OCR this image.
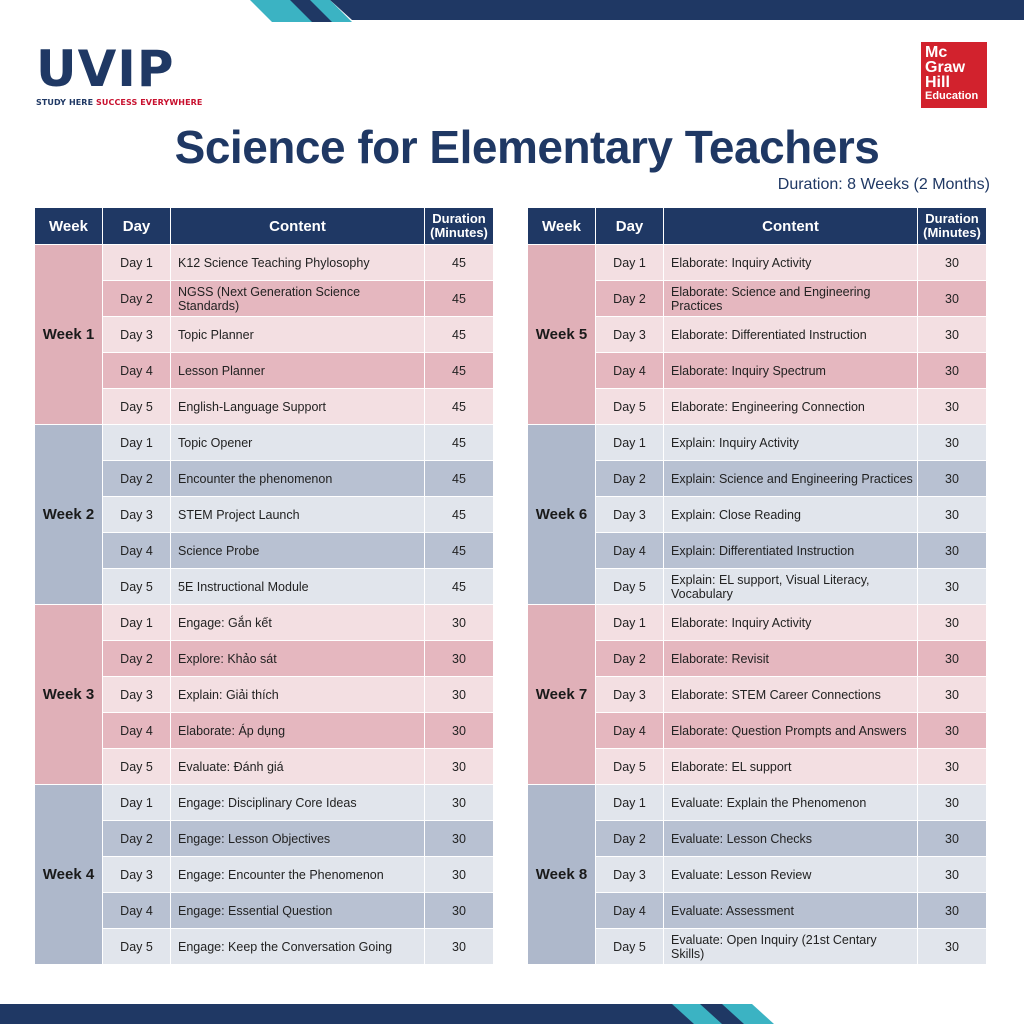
UVIP
STUDY HERE SUCCESS EVERYWHERE
Mc
Graw
Hill
Education
Science for Elementary Teachers
Duration: 8 Weeks (2 Months)
Week	Day	Content	Duration
(Minutes)
Week 1	Day 1	K12 Science Teaching Phylosophy	45
	Day 2	NGSS (Next Generation Science Standards)	45
	Day 3	Topic Planner	45
	Day 4	Lesson Planner	45
	Day 5	English-Language Support	45
Week 2	Day 1	Topic Opener	45
	Day 2	Encounter the phenomenon	45
	Day 3	STEM Project Launch	45
	Day 4	Science Probe	45
	Day 5	5E Instructional Module	45
Week 3	Day 1	Engage: Gắn kết	30
	Day 2	Explore: Khảo sát	30
	Day 3	Explain: Giải thích	30
	Day 4	Elaborate: Áp dụng	30
	Day 5	Evaluate: Đánh giá	30
Week 4	Day 1	Engage: Disciplinary Core Ideas	30
	Day 2	Engage: Lesson Objectives	30
	Day 3	Engage: Encounter the Phenomenon	30
	Day 4	Engage: Essential Question	30
	Day 5	Engage: Keep the Conversation Going	30
Week	Day	Content	Duration
(Minutes)
Week 5	Day 1	Elaborate: Inquiry Activity	30
	Day 2	Elaborate: Science and Engineering Practices	30
	Day 3	Elaborate: Differentiated Instruction	30
	Day 4	Elaborate: Inquiry Spectrum	30
	Day 5	Elaborate: Engineering Connection	30
Week 6	Day 1	Explain: Inquiry Activity	30
	Day 2	Explain: Science and Engineering Practices	30
	Day 3	Explain: Close Reading	30
	Day 4	Explain: Differentiated Instruction	30
	Day 5	Explain: EL support, Visual Literacy, Vocabulary	30
Week 7	Day 1	Elaborate: Inquiry Activity	30
	Day 2	Elaborate: Revisit	30
	Day 3	Elaborate: STEM Career Connections	30
	Day 4	Elaborate: Question Prompts and Answers	30
	Day 5	Elaborate: EL support	30
Week 8	Day 1	Evaluate: Explain the Phenomenon	30
	Day 2	Evaluate: Lesson Checks	30
	Day 3	Evaluate: Lesson Review	30
	Day 4	Evaluate: Assessment	30
	Day 5	Evaluate: Open Inquiry (21st Centary Skills)	30
